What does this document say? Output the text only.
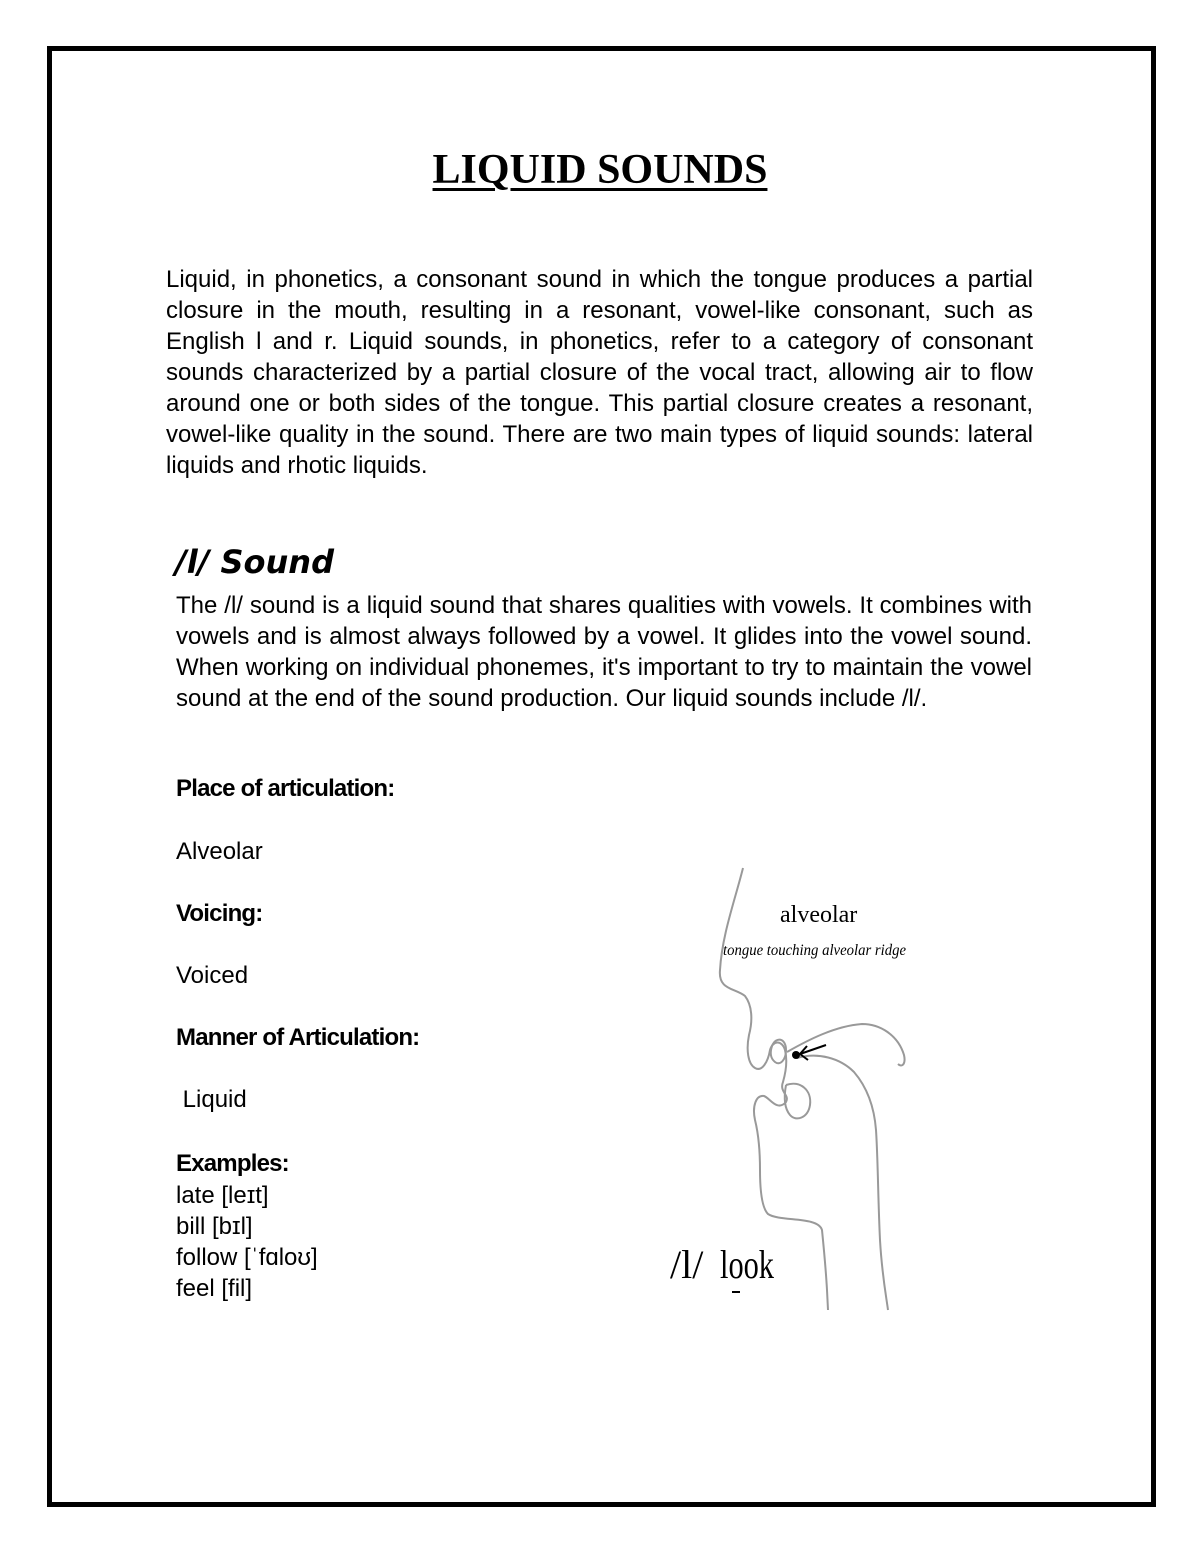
LIQUID SOUNDS

Liquid, in phonetics, a consonant sound in which the tongue produces a partial closure in the mouth, resulting in a resonant, vowel-like consonant, such as English l and r. Liquid sounds, in phonetics, refer to a category of consonant sounds characterized by a partial closure of the vocal tract, allowing air to flow around one or both sides of the tongue. This partial closure creates a resonant, vowel-like quality in the sound. There are two main types of liquid sounds: lateral liquids and rhotic liquids.

/l/ Sound

The /l/ sound is a liquid sound that shares qualities with vowels. It combines with vowels and is almost always followed by a vowel. It glides into the vowel sound. When working on individual phonemes, it's important to try to maintain the vowel sound at the end of the sound production. Our liquid sounds include /l/.

Place of articulation:

Alveolar

Voicing:

Voiced

Manner of Articulation:

Liquid

Examples:

late [leɪt]
bill [bɪl]
follow [ˈfɑloʊ]
feel [fil]
alveolar
tongue touching alveolar ridge
/l/ look
